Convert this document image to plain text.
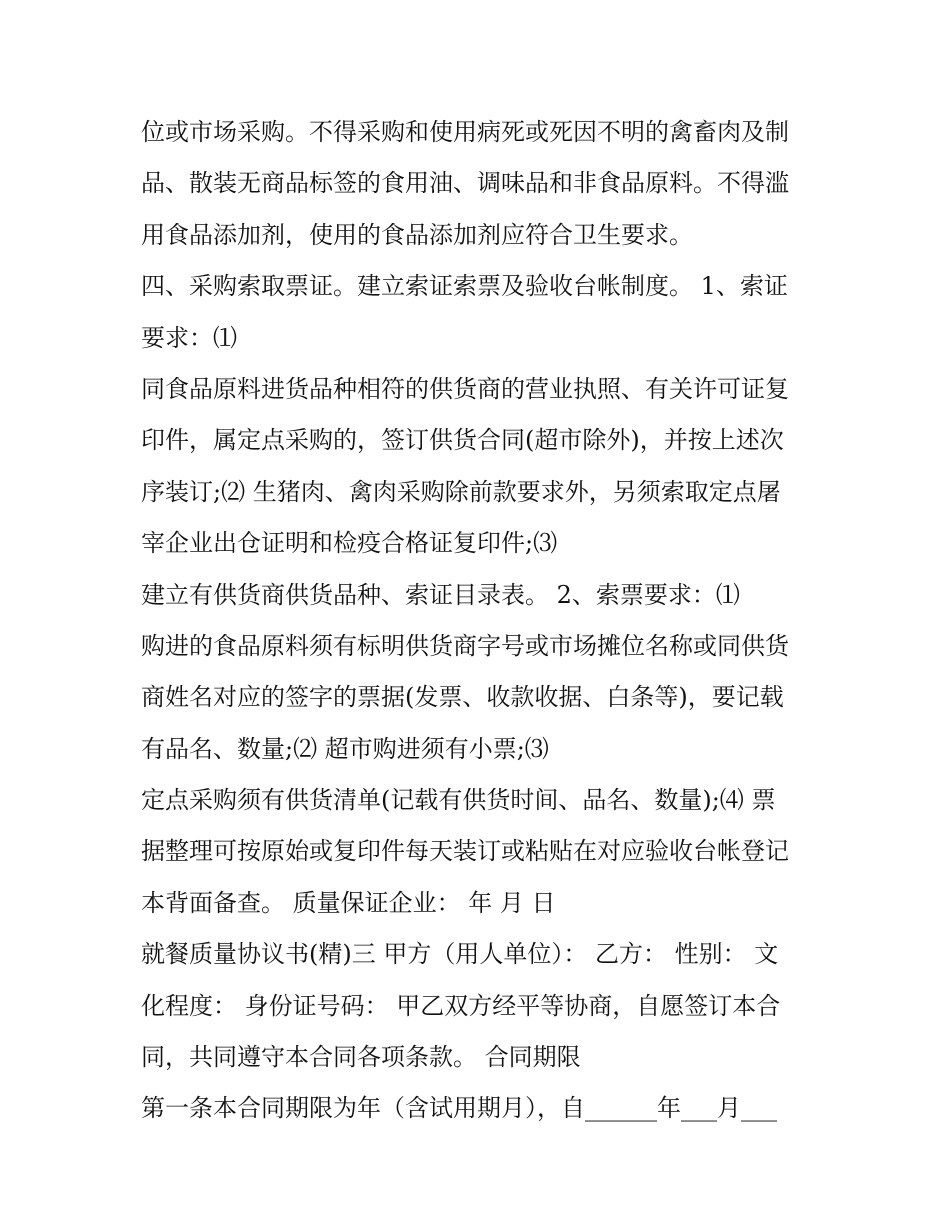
位或市场采购。不得采购和使用病死或死因不明的禽畜肉及制
品、散装无商品标签的食用油、调味品和非食品原料。不得滥
用食品添加剂，使用的食品添加剂应符合卫生要求。
四、采购索取票证。建立索证索票及验收台帐制度。 1、索证
要求：⑴
同食品原料进货品种相符的供货商的营业执照、有关许可证复
印件，属定点采购的，签订供货合同(超市除外)，并按上述次
序装订;⑵ 生猪肉、禽肉采购除前款要求外，另须索取定点屠
宰企业出仓证明和检疫合格证复印件;⑶
建立有供货商供货品种、索证目录表。 2、索票要求：⑴
购进的食品原料须有标明供货商字号或市场摊位名称或同供货
商姓名对应的签字的票据(发票、收款收据、白条等)，要记载
有品名、数量;⑵ 超市购进须有小票;⑶
定点采购须有供货清单(记载有供货时间、品名、数量);⑷ 票
据整理可按原始或复印件每天装订或粘贴在对应验收台帐登记
本背面备查。 质量保证企业： 年 月 日
就餐质量协议书(精)三 甲方（用人单位）： 乙方： 性别： 文
化程度： 身份证号码： 甲乙双方经平等协商，自愿签订本合
同，共同遵守本合同各项条款。 合同期限
第一条本合同期限为年（含试用期月），自______年___月___
